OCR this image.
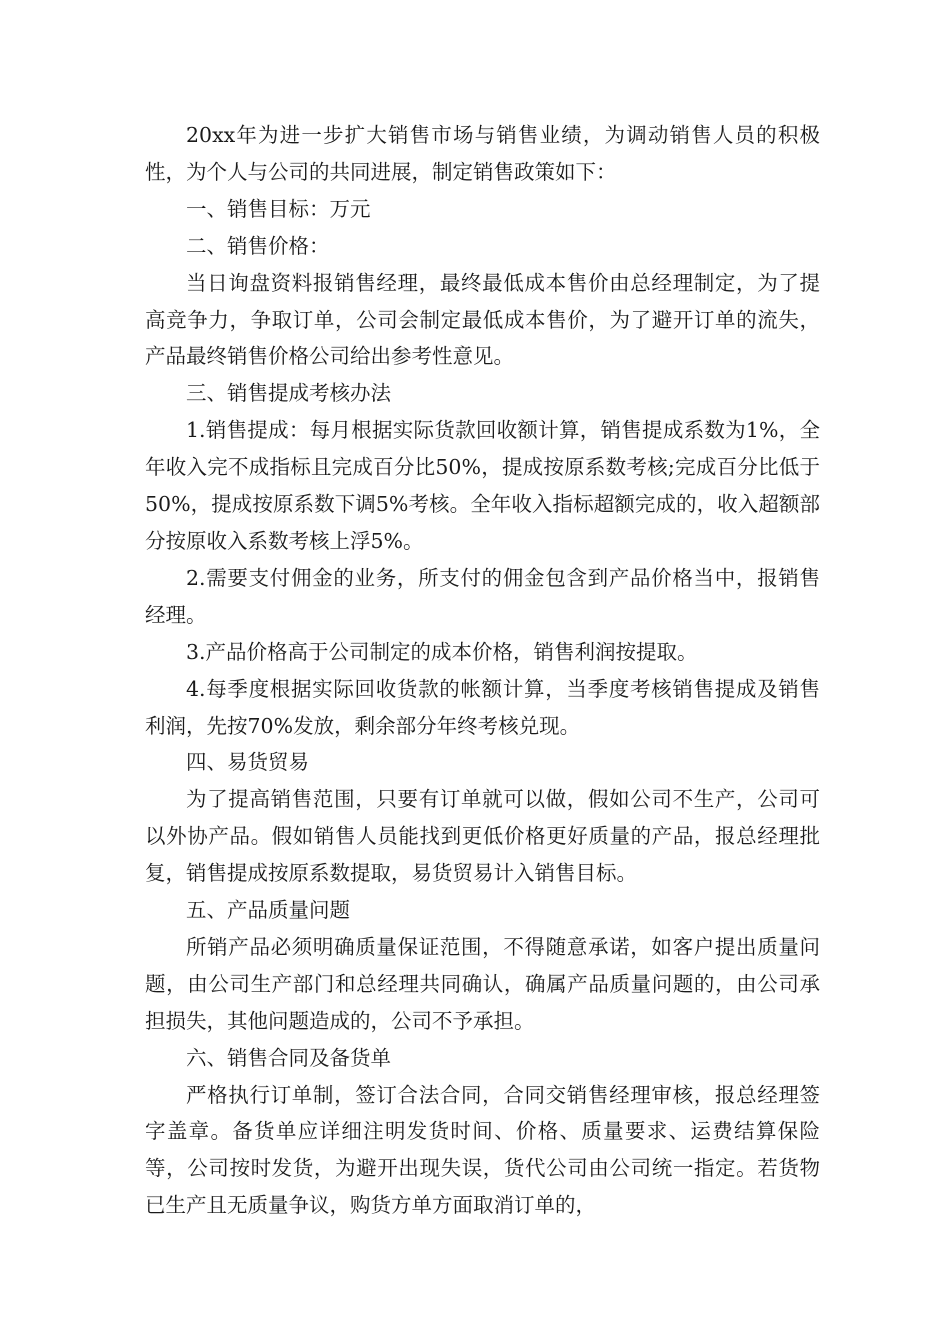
20xx年为进一步扩大销售市场与销售业绩，为调动销售人员的积极性，为个人与公司的共同进展，制定销售政策如下：

一、销售目标：万元

二、销售价格：

当日询盘资料报销售经理，最终最低成本售价由总经理制定，为了提高竞争力，争取订单，公司会制定最低成本售价，为了避开订单的流失，产品最终销售价格公司给出参考性意见。

三、销售提成考核办法

1.销售提成：每月根据实际货款回收额计算，销售提成系数为1%，全年收入完不成指标且完成百分比50%，提成按原系数考核;完成百分比低于50%，提成按原系数下调5%考核。全年收入指标超额完成的，收入超额部分按原收入系数考核上浮5%。

2.需要支付佣金的业务，所支付的佣金包含到产品价格当中，报销售经理。

3.产品价格高于公司制定的成本价格，销售利润按提取。

4.每季度根据实际回收货款的帐额计算，当季度考核销售提成及销售利润，先按70%发放，剩余部分年终考核兑现。

四、易货贸易

为了提高销售范围，只要有订单就可以做，假如公司不生产，公司可以外协产品。假如销售人员能找到更低价格更好质量的产品，报总经理批复，销售提成按原系数提取，易货贸易计入销售目标。

五、产品质量问题

所销产品必须明确质量保证范围，不得随意承诺，如客户提出质量问题，由公司生产部门和总经理共同确认，确属产品质量问题的，由公司承担损失，其他问题造成的，公司不予承担。

六、销售合同及备货单

严格执行订单制，签订合法合同，合同交销售经理审核，报总经理签字盖章。备货单应详细注明发货时间、价格、质量要求、运费结算保险等，公司按时发货，为避开出现失误，货代公司由公司统一指定。若货物已生产且无质量争议，购货方单方面取消订单的，
